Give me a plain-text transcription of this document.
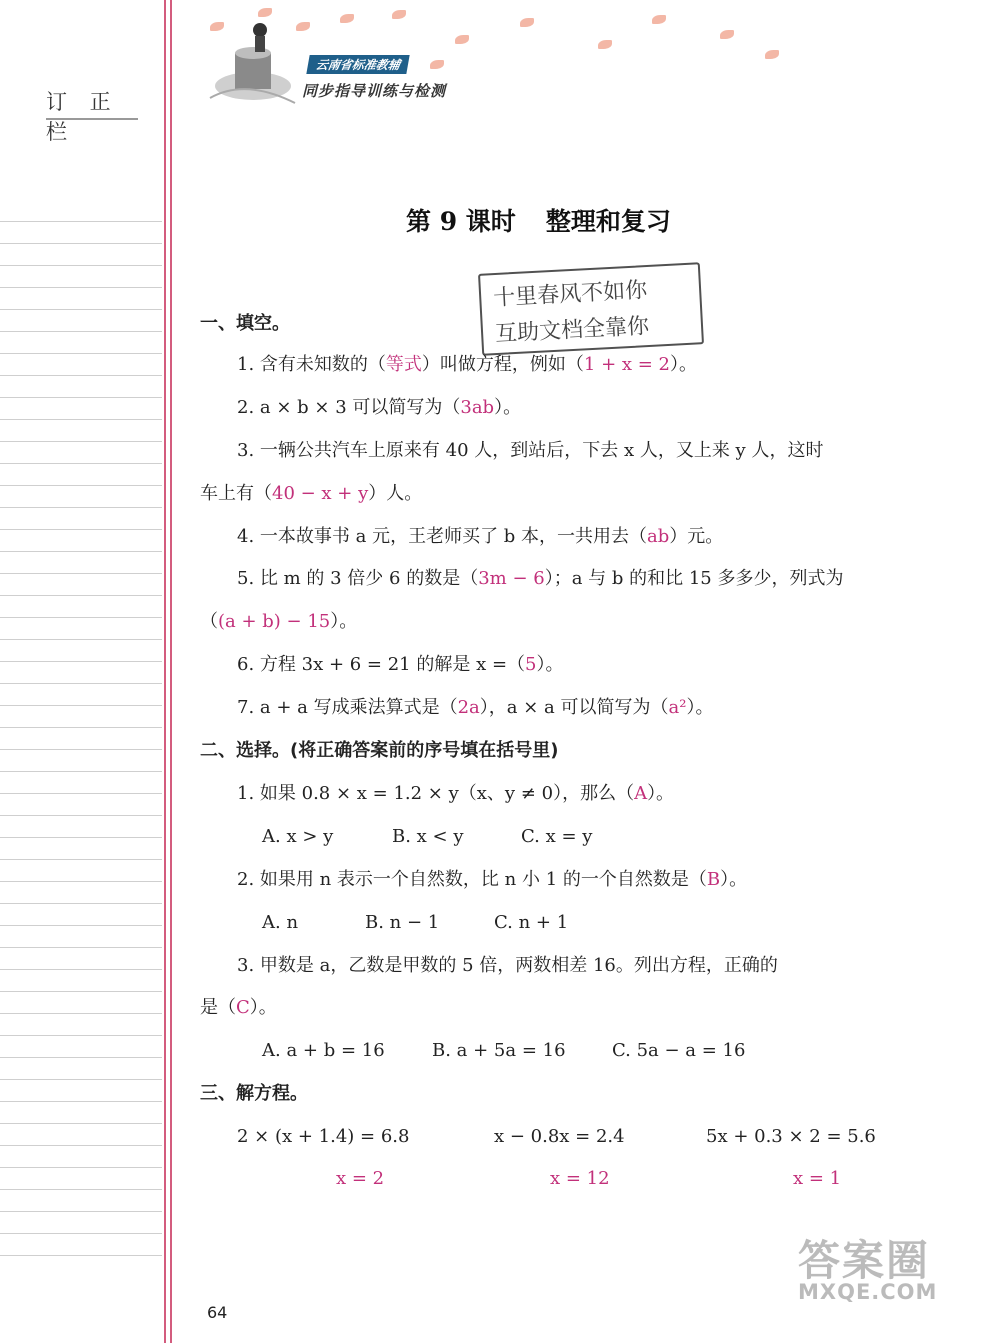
订 正 栏
云南省标准教辅
同步指导训练与检测
第 9 课时 整理和复习
十里春风不如你
互助文档全靠你
一、填空。
1. 含有未知数的（等式）叫做方程，例如（1 + x = 2）。
2. a × b × 3 可以简写为（3ab）。
3. 一辆公共汽车上原来有 40 人，到站后，下去 x 人，又上来 y 人，这时
车上有（40 − x + y）人。
4. 一本故事书 a 元，王老师买了 b 本，一共用去（ab）元。
5. 比 m 的 3 倍少 6 的数是（3m − 6）；a 与 b 的和比 15 多多少，列式为
（(a + b) − 15）。
6. 方程 3x + 6 = 21 的解是 x =（5）。
7. a + a 写成乘法算式是（2a），a × a 可以简写为（a²）。
二、选择。(将正确答案前的序号填在括号里)
1. 如果 0.8 × x = 1.2 × y（x、y ≠ 0），那么（A）。
A. x > y	B. x < y	C. x = y
2. 如果用 n 表示一个自然数，比 n 小 1 的一个自然数是（B）。
A. n	B. n − 1	C. n + 1
3. 甲数是 a，乙数是甲数的 5 倍，两数相差 16。列出方程，正确的
是（C）。
A. a + b = 16	B. a + 5a = 16	C. 5a − a = 16
三、解方程。
2 × (x + 1.4) = 6.8	x − 0.8x = 2.4	5x + 0.3 × 2 = 5.6
x = 2	x = 12	x = 1
64
答案圈
MXQE.COM
